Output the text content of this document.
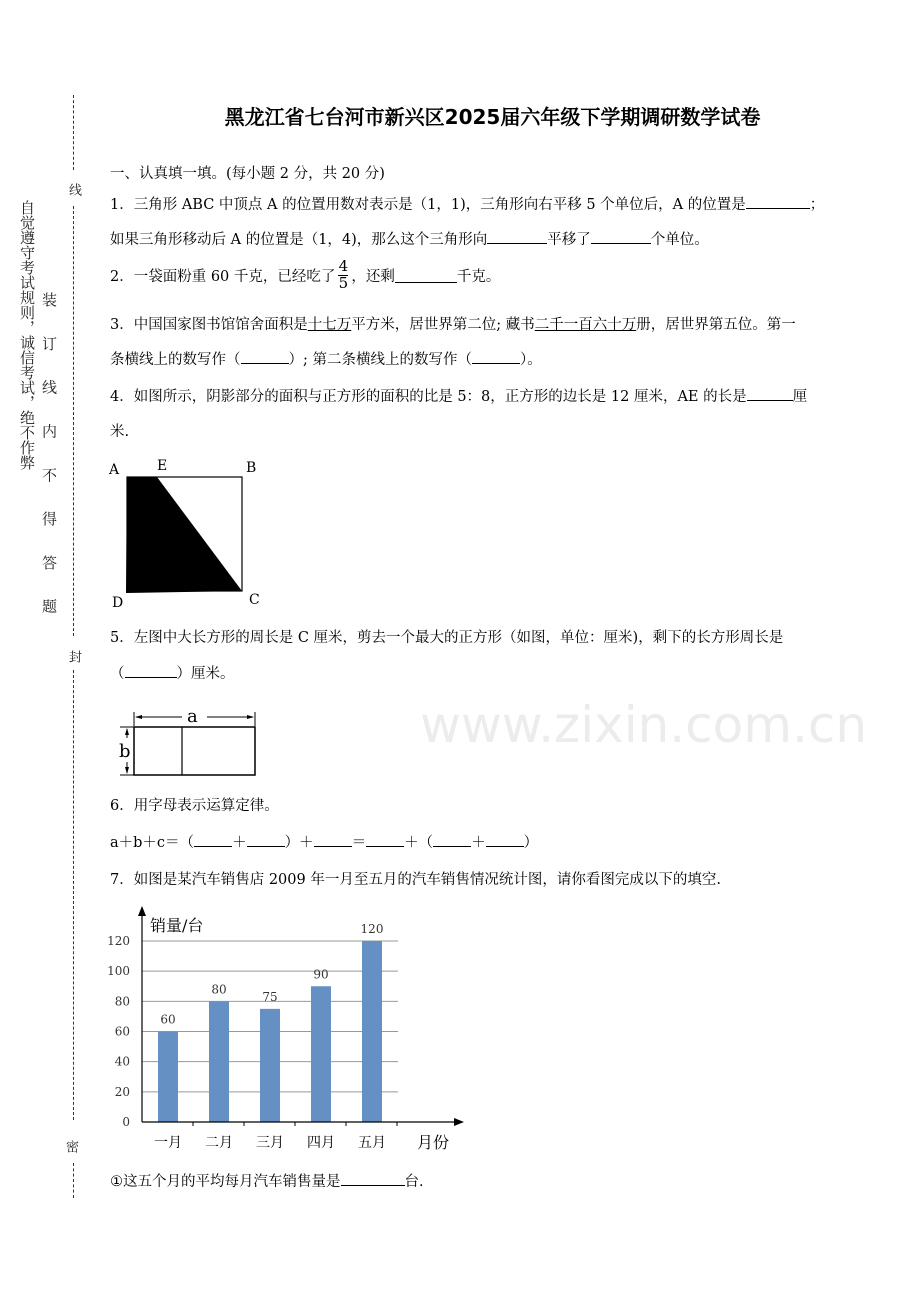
www.zixin.com.cn
线
封
密
自觉遵守考试规则，诚信考试，绝不作弊 装 订 线 内 不 得 答 题
黑龙江省七台河市新兴区2025届六年级下学期调研数学试卷
一、认真填一填。(每小题 2 分，共 20 分)
1．三角形 ABC 中顶点 A 的位置用数对表示是（1，1)，三角形向右平移 5 个单位后，A 的位置是	；
如果三角形移动后 A 的位置是（1，4)，那么这个三角形向	平移了	个单位。
2．一袋面粉重 60 千克，已经吃了 $\frac{4}{5}$ ，还剩	千克。
3．中国国家图书馆馆舍面积是十七万平方米，居世界第二位; 藏书二千一百六十万册，居世界第五位。第一
条横线上的数写作（	）; 第二条横线上的数写作（	）。
4．如图所示，阴影部分的面积与正方形的面积的比是 5：8，正方形的边长是 12 厘米，AE 的长是	厘
米.
A	E	B
C
D
5．左图中大长方形的周长是 C 厘米，剪去一个最大的正方形（如图，单位：厘米)，剩下的长方形周长是
（	）厘米。
a
b
6．用字母表示运算定律。
a＋b＋c＝（	＋	）＋	＝	＋（	＋	）
7．如图是某汽车销售店 2009 年一月至五月的汽车销售情况统计图，请你看图完成以下的填空.
0
20
40
60
80
100
120
60
一月
80
二月
75
三月
90
四月
120
五月
销量/台
月份
①这五个月的平均每月汽车销售量是	台.
